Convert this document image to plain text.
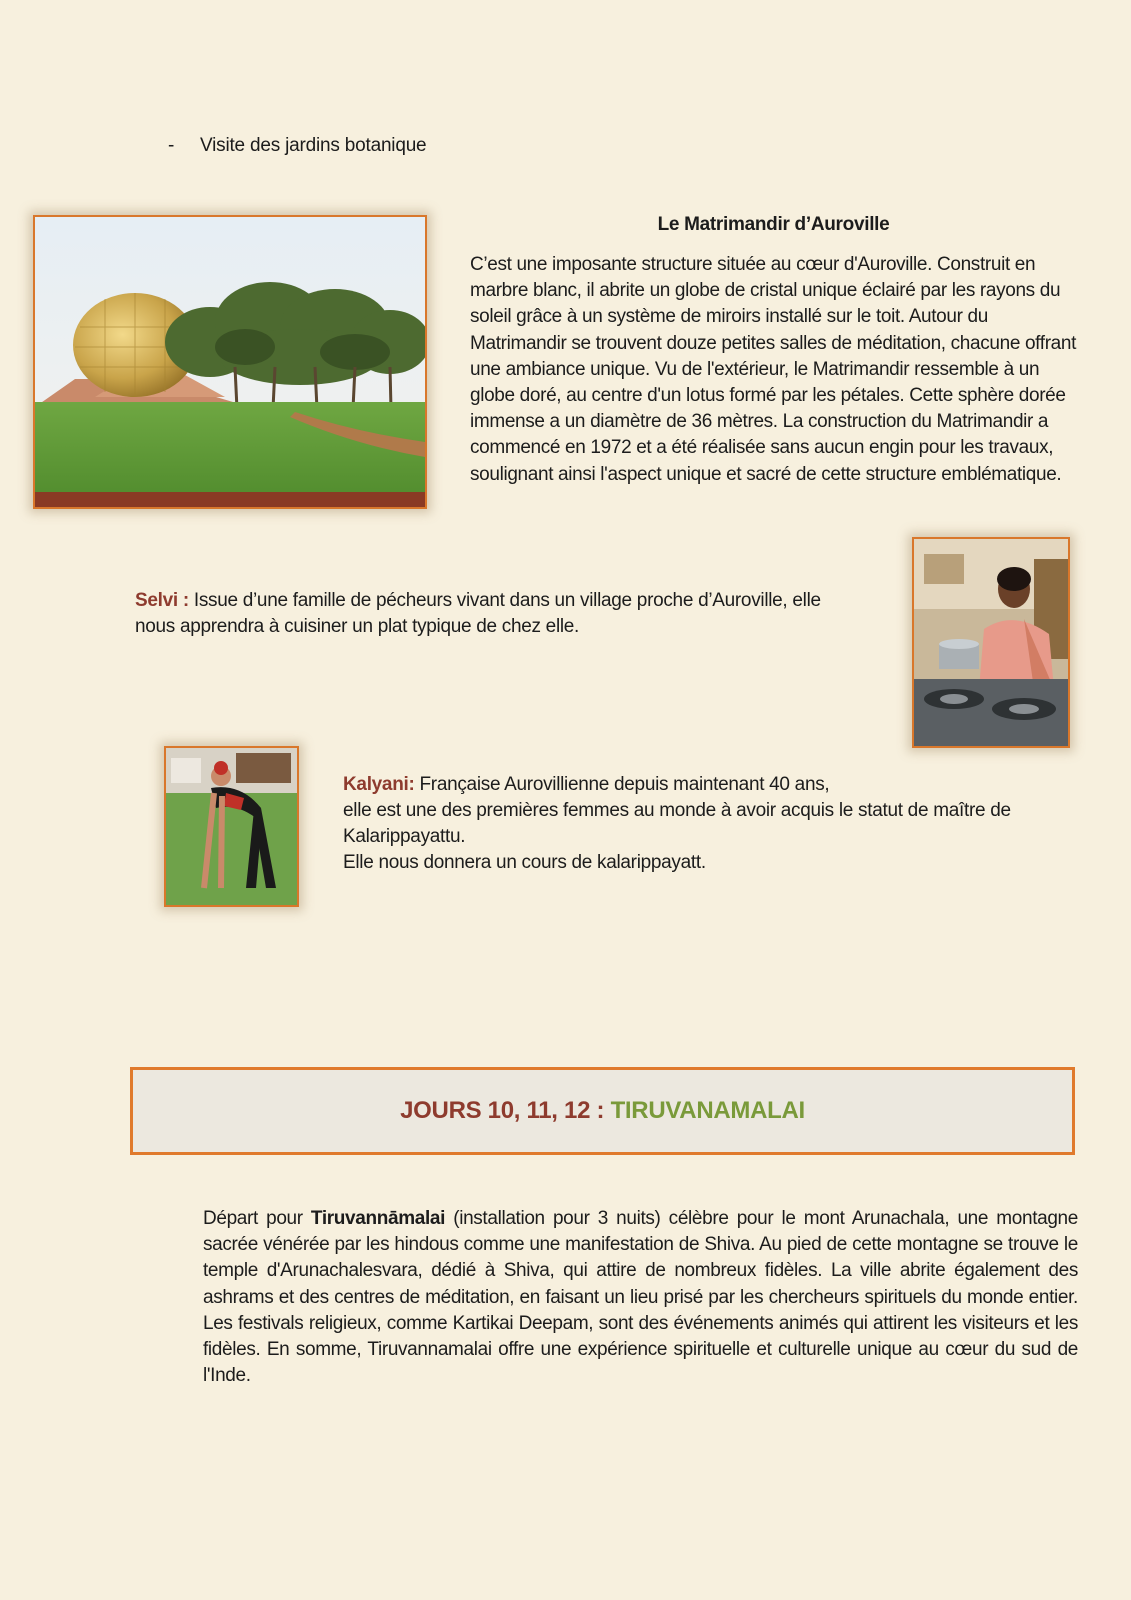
- Visite des jardins botanique
Le Matrimandir d’Auroville
C’est une imposante structure située au cœur d'Auroville. Construit en marbre blanc, il abrite un globe de cristal unique éclairé par les rayons du soleil grâce à un système de miroirs installé sur le toit. Autour du Matrimandir se trouvent douze petites salles de méditation, chacune offrant une ambiance unique. Vu de l'extérieur, le Matrimandir ressemble à un globe doré, au centre d'un lotus formé par les pétales. Cette sphère dorée immense a un diamètre de 36 mètres. La construction du Matrimandir a commencé en 1972 et a été réalisée sans aucun engin pour les travaux, soulignant ainsi l'aspect unique et sacré de cette structure emblématique.
Selvi : Issue d’une famille de pécheurs vivant dans un village proche d’Auroville, elle nous apprendra à cuisiner un plat typique de chez elle.
Kalyani: Française Aurovillienne depuis maintenant 40 ans,
elle est une des premières femmes au monde à avoir acquis le statut de maître de Kalarippayattu.
Elle nous donnera un cours de kalarippayatt.
JOURS 10, 11, 12 :
TIRUVANAMALAI
Départ pour Tiruvannāmalai (installation pour 3 nuits) célèbre pour le mont Arunachala, une montagne sacrée vénérée par les hindous comme une manifestation de Shiva. Au pied de cette montagne se trouve le temple d'Arunachalesvara, dédié à Shiva, qui attire de nombreux fidèles. La ville abrite également des ashrams et des centres de méditation, en faisant un lieu prisé par les chercheurs spirituels du monde entier. Les festivals religieux, comme Kartikai Deepam, sont des événements animés qui attirent les visiteurs et les fidèles. En somme, Tiruvannamalai offre une expérience spirituelle et culturelle unique au cœur du sud de l'Inde.
